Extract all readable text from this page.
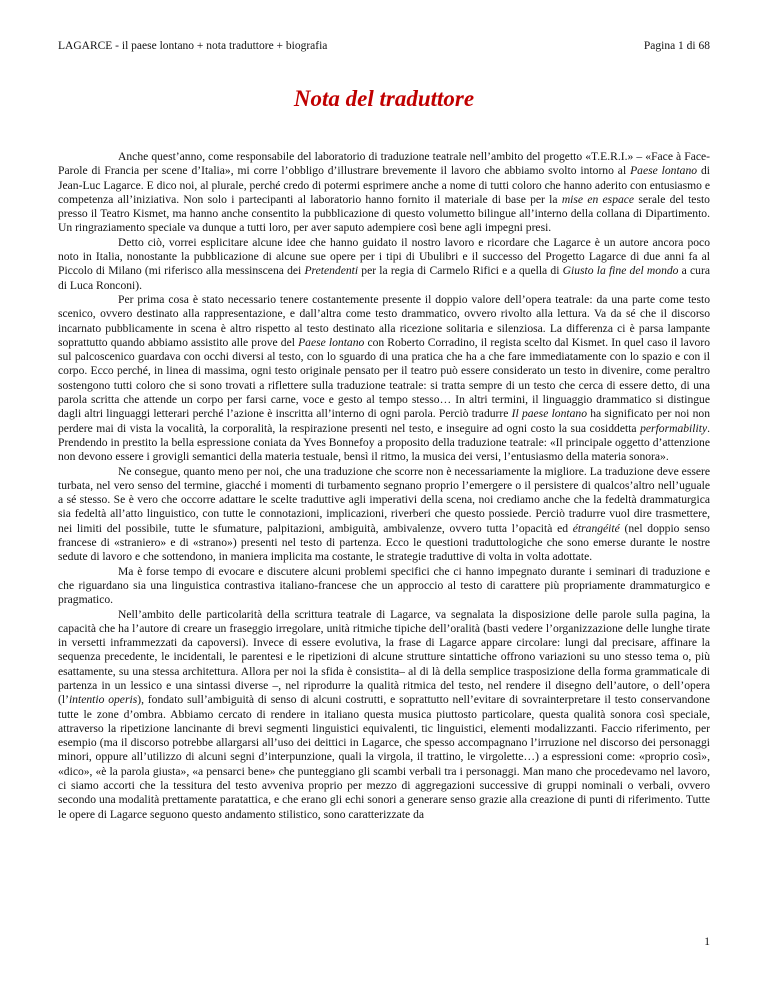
LAGARCE - il paese lontano + nota traduttore + biografia	Pagina 1 di 68
Nota del traduttore

Anche quest’anno, come responsabile del laboratorio di traduzione teatrale nell’ambito del progetto «T.E.R.I.» – «Face à Face-Parole di Francia per scene d’Italia», mi corre l’obbligo d’illustrare brevemente il lavoro che abbiamo svolto intorno al Paese lontano di Jean-Luc Lagarce. E dico noi, al plurale, perché credo di potermi esprimere anche a nome di tutti coloro che hanno aderito con entusiasmo e competenza all’iniziativa. Non solo i partecipanti al laboratorio hanno fornito il materiale di base per la mise en espace serale del testo presso il Teatro Kismet, ma hanno anche consentito la pubblicazione di questo volumetto bilingue all’interno della collana di Dipartimento. Un ringraziamento speciale va dunque a tutti loro, per aver saputo adempiere così bene agli impegni presi.

Detto ciò, vorrei esplicitare alcune idee che hanno guidato il nostro lavoro e ricordare che Lagarce è un autore ancora poco noto in Italia, nonostante la pubblicazione di alcune sue opere per i tipi di Ubulibri e il successo del Progetto Lagarce di due anni fa al Piccolo di Milano (mi riferisco alla messinscena dei Pretendenti per la regia di Carmelo Rifici e a quella di Giusto la fine del mondo a cura di Luca Ronconi).

Per prima cosa è stato necessario tenere costantemente presente il doppio valore dell’opera teatrale: da una parte come testo scenico, ovvero destinato alla rappresentazione, e dall’altra come testo drammatico, ovvero rivolto alla lettura. Va da sé che il discorso incarnato pubblicamente in scena è altro rispetto al testo destinato alla ricezione solitaria e silenziosa. La differenza ci è parsa lampante soprattutto quando abbiamo assistito alle prove del Paese lontano con Roberto Corradino, il regista scelto dal Kismet. In quel caso il lavoro sul palcoscenico guardava con occhi diversi al testo, con lo sguardo di una pratica che ha a che fare immediatamente con lo spazio e con il corpo. Ecco perché, in linea di massima, ogni testo originale pensato per il teatro può essere considerato un testo in divenire, come peraltro sostengono tutti coloro che si sono trovati a riflettere sulla traduzione teatrale: si tratta sempre di un testo che cerca di essere detto, di una parola scritta che attende un corpo per farsi carne, voce e gesto al tempo stesso… In altri termini, il linguaggio drammatico si distingue dagli altri linguaggi letterari perché l’azione è inscritta all’interno di ogni parola. Perciò tradurre Il paese lontano ha significato per noi non perdere mai di vista la vocalità, la corporalità, la respirazione presenti nel testo, e inseguire ad ogni costo la sua cosiddetta performability. Prendendo in prestito la bella espressione coniata da Yves Bonnefoy a proposito della traduzione teatrale: «Il principale oggetto d’attenzione non devono essere i grovigli semantici della materia testuale, bensì il ritmo, la musica dei versi, l’entusiasmo della materia sonora».

Ne consegue, quanto meno per noi, che una traduzione che scorre non è necessariamente la migliore. La traduzione deve essere turbata, nel vero senso del termine, giacché i momenti di turbamento segnano proprio l’emergere o il persistere di qualcos’altro nell’uguale a sé stesso. Se è vero che occorre adattare le scelte traduttive agli imperativi della scena, noi crediamo anche che la fedeltà drammaturgica sia fedeltà all’atto linguistico, con tutte le connotazioni, implicazioni, riverberi che questo possiede. Perciò tradurre vuol dire trasmettere, nei limiti del possibile, tutte le sfumature, palpitazioni, ambiguità, ambivalenze, ovvero tutta l’opacità ed étrangéité (nel doppio senso francese di «straniero» e di «strano») presenti nel testo di partenza. Ecco le questioni traduttologiche che sono emerse durante le nostre sedute di lavoro e che sottendono, in maniera implicita ma costante, le strategie traduttive di volta in volta adottate.

Ma è forse tempo di evocare e discutere alcuni problemi specifici che ci hanno impegnato durante i seminari di traduzione e che riguardano sia una linguistica contrastiva italiano-francese che un approccio al testo di carattere più propriamente drammaturgico e pragmatico.

Nell’ambito delle particolarità della scrittura teatrale di Lagarce, va segnalata la disposizione delle parole sulla pagina, la capacità che ha l’autore di creare un fraseggio irregolare, unità ritmiche tipiche dell’oralità (basti vedere l’organizzazione delle lunghe tirate in versetti inframmezzati da capoversi). Invece di essere evolutiva, la frase di Lagarce appare circolare: lungi dal precisare, affinare la sequenza precedente, le incidentali, le parentesi e le ripetizioni di alcune strutture sintattiche offrono variazioni su uno stesso tema o, più esattamente, su una stessa architettura. Allora per noi la sfida è consistita– al di là della semplice trasposizione della forma grammaticale di partenza in un lessico e una sintassi diverse –, nel riprodurre la qualità ritmica del testo, nel rendere il disegno dell’autore, o dell’opera (l’intentio operis), fondato sull’ambiguità di senso di alcuni costrutti, e soprattutto nell’evitare di sovrainterpretare il testo conservandone tutte le zone d’ombra. Abbiamo cercato di rendere in italiano questa musica piuttosto particolare, questa qualità sonora così speciale, attraverso la ripetizione lancinante di brevi segmenti linguistici equivalenti, tic linguistici, elementi modalizzanti. Faccio riferimento, per esempio (ma il discorso potrebbe allargarsi all’uso dei deittici in Lagarce, che spesso accompagnano l’irruzione nel discorso dei personaggi minori, oppure all’utilizzo di alcuni segni d’interpunzione, quali la virgola, il trattino, le virgolette…) a espressioni come: «proprio così», «dico», «è la parola giusta», «a pensarci bene» che punteggiano gli scambi verbali tra i personaggi. Man mano che procedevamo nel lavoro, ci siamo accorti che la tessitura del testo avveniva proprio per mezzo di aggregazioni successive di gruppi nominali o verbali, ovvero secondo una modalità prettamente paratattica, e che erano gli echi sonori a generare senso grazie alla creazione di punti di riferimento. Tutte le opere di Lagarce seguono questo andamento stilistico, sono caratterizzate da

1
